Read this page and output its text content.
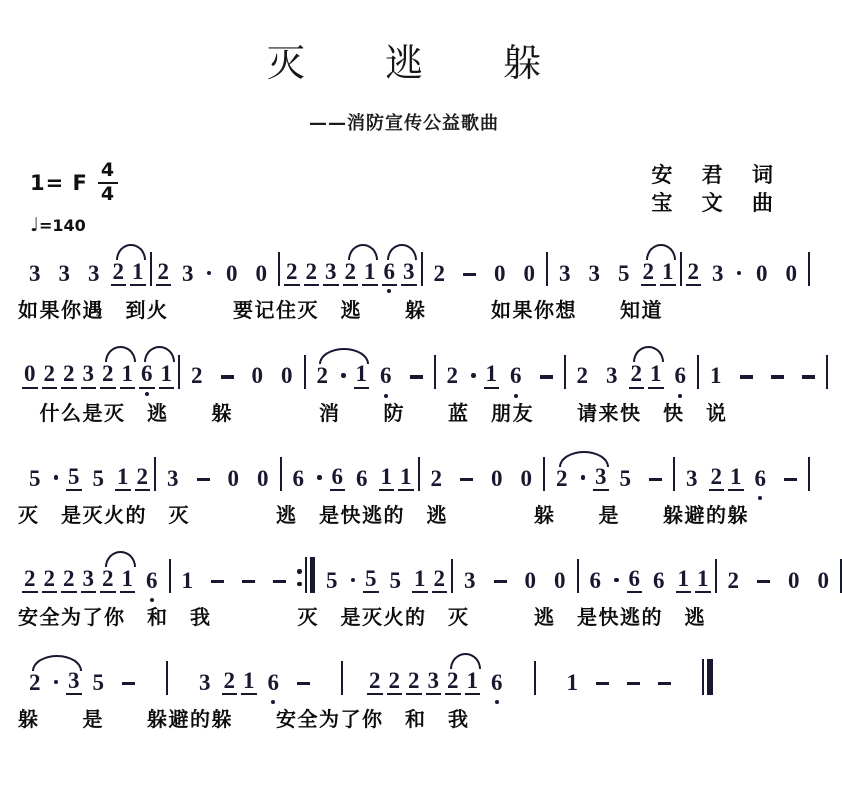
灭 逃 躲
——消防宣传公益歌曲
1= F
4
4
♩=140
安 君 词
宝 文 曲
3 3 3 2 1 2 3 0 0 2 2 3 2 1 6 3 2 0 0 3 3 5 2 1 2 3 0 0
如果你遇　到火　　　要记住灭　逃　　躲　　　如果你想　　知道
0 2 2 3 2 1 6 1 2 0 0 2 1 6 2 1 6 2 3 2 1 6 1
　什么是灭　逃　　躲　　　　消　　防　　蓝　朋友　　请来快　快　说
5 5 5 1 2 3 0 0 6 6 6 1 1 2 0 0 2 3 5 3 2 1 6
灭　是灭火的　灭　　　　逃　是快逃的　逃　　　　躲　　是　　躲避的躲
2 2 2 3 2 1 6 1	5 5 5 1 2 3 0 0 6 6 6 1 1 2 0 0
安全为了你　和　我　　　　灭　是灭火的　灭　　　逃　是快逃的　逃
2 3 5	3 2 1 6	2 2 2 3 2 1 6	1
躲　　是　　躲避的躲　　安全为了你　和　我
